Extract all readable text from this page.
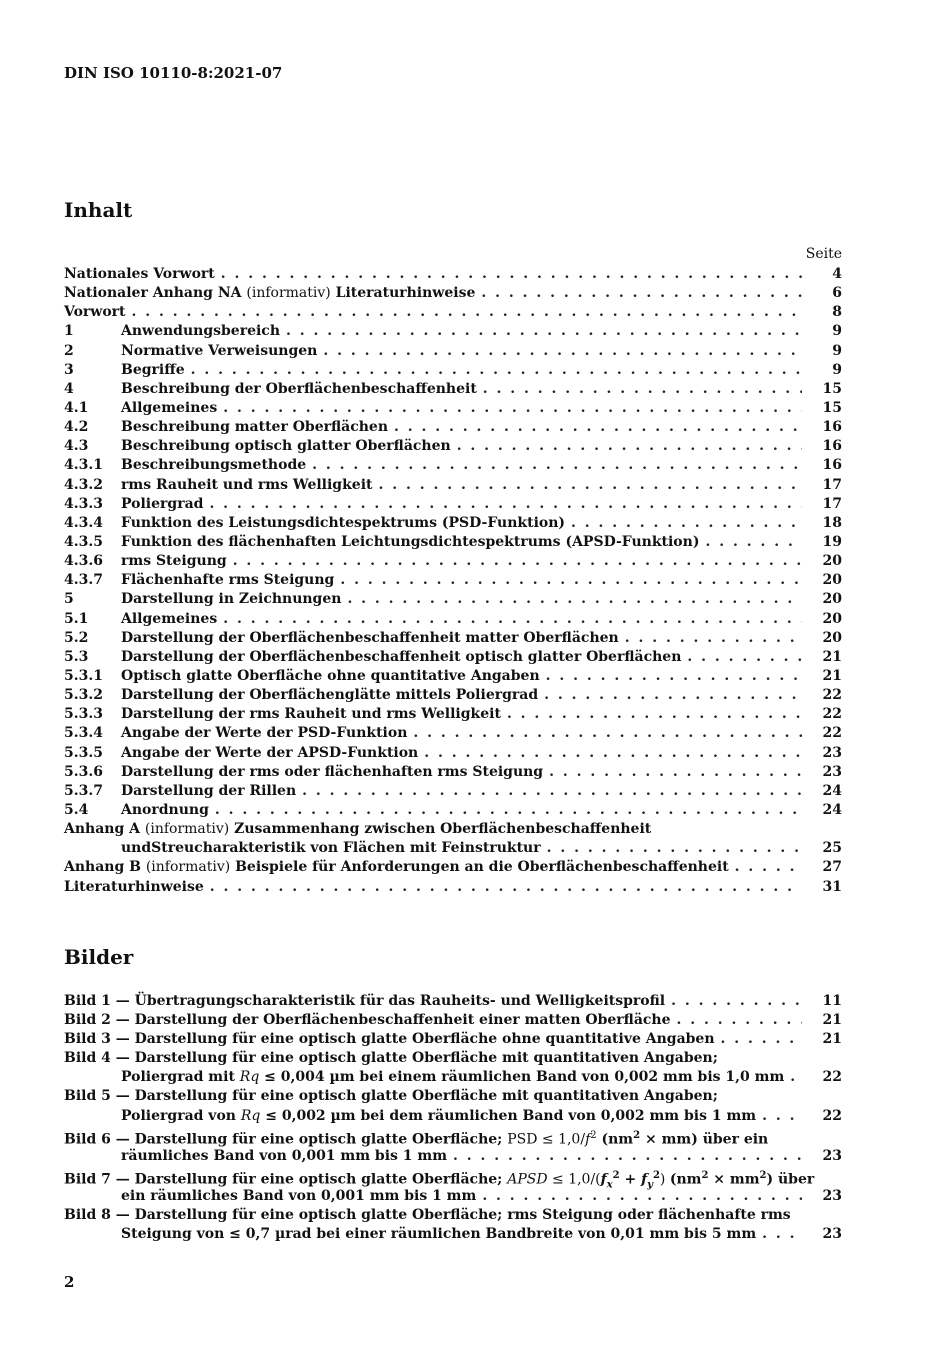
DIN ISO 10110-8:2021-07
Inhalt
Seite
Nationales Vorwort . . .	4
Nationaler Anhang NA (informativ) Literaturhinweise . . .	6
Vorwort . . .	8
1	Anwendungsbereich . . .	9
2	Normative Verweisungen . . .	9
3	Begriffe . . .	9
4	Beschreibung der Oberflächenbeschaffenheit . . .	15
4.1	Allgemeines . . .	15
4.2	Beschreibung matter Oberflächen . . .	16
4.3	Beschreibung optisch glatter Oberflächen . . .	16
4.3.1	Beschreibungsmethode . . .	16
4.3.2	rms Rauheit und rms Welligkeit . . .	17
4.3.3	Poliergrad . . .	17
4.3.4	Funktion des Leistungsdichtespektrums (PSD-Funktion) . . .	18
4.3.5	Funktion des flächenhaften Leichtungsdichtespektrums (APSD-Funktion) . . .	19
4.3.6	rms Steigung . . .	20
4.3.7	Flächenhafte rms Steigung . . .	20
5	Darstellung in Zeichnungen . . .	20
5.1	Allgemeines . . .	20
5.2	Darstellung der Oberflächenbeschaffenheit matter Oberflächen . . .	20
5.3	Darstellung der Oberflächenbeschaffenheit optisch glatter Oberflächen . . .	21
5.3.1	Optisch glatte Oberfläche ohne quantitative Angaben . . .	21
5.3.2	Darstellung der Oberflächenglätte mittels Poliergrad . . .	22
5.3.3	Darstellung der rms Rauheit und rms Welligkeit . . .	22
5.3.4	Angabe der Werte der PSD-Funktion . . .	22
5.3.5	Angabe der Werte der APSD-Funktion . . .	23
5.3.6	Darstellung der rms oder flächenhaften rms Steigung . . .	23
5.3.7	Darstellung der Rillen . . .	24
5.4	Anordnung . . .	24
Anhang A (informativ) Zusammenhang zwischen Oberflächenbeschaffenheit
undStreucharakteristik von Flächen mit Feinstruktur . . .	25
Anhang B (informativ) Beispiele für Anforderungen an die Oberflächenbeschaffenheit . . .	27
Literaturhinweise . . .	31
Bilder
Bild 1 — Übertragungscharakteristik für das Rauheits- und Welligkeitsprofil . . .	11
Bild 2 — Darstellung der Oberflächenbeschaffenheit einer matten Oberfläche . . .	21
Bild 3 — Darstellung für eine optisch glatte Oberfläche ohne quantitative Angaben . . .	21
Bild 4 — Darstellung für eine optisch glatte Oberfläche mit quantitativen Angaben;
Poliergrad mit Rq ≤ 0,004 µm bei einem räumlichen Band von 0,002 mm bis 1,0 mm . . .	22
Bild 5 — Darstellung für eine optisch glatte Oberfläche mit quantitativen Angaben;
Poliergrad von Rq ≤ 0,002 µm bei dem räumlichen Band von 0,002 mm bis 1 mm . . .	22
Bild 6 — Darstellung für eine optisch glatte Oberfläche; PSD ≤ $1,0/f^2$ $(nm^2 \times mm)$ über ein
räumliches Band von 0,001 mm bis 1 mm . . .	23
Bild 7 — Darstellung für eine optisch glatte Oberfläche; APSD ≤ $1,0/(f_x^2 + f_y^2) (nm^2 \times mm^2)$ über
ein räumliches Band von 0,001 mm bis 1 mm . . .	23
Bild 8 — Darstellung für eine optisch glatte Oberfläche; rms Steigung oder flächenhafte rms
Steigung von ≤ 0,7 µrad bei einer räumlichen Bandbreite von 0,01 mm bis 5 mm . . .	23
2
